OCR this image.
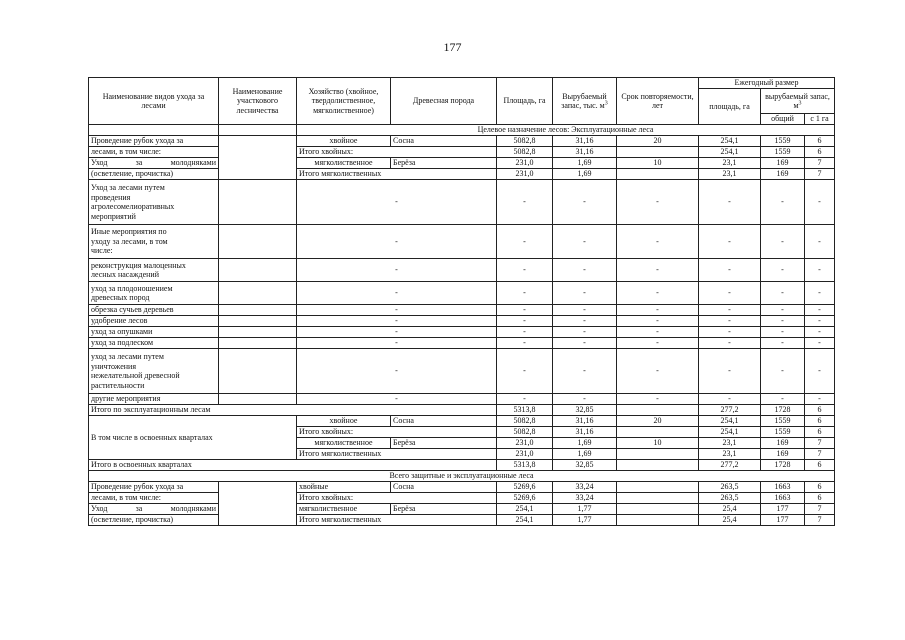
177
Наименование видов ухода за лесами	Наименование участкового лесничества	Хозяйство (хвойное, твердолиственное, мягколиственное)	Древесная порода	Площадь, га	Вырубаемый запас, тыс. $м^3$	Срок повторяемости, лет	Ежегодный размер		
							площадь, га	вырубаемый запас, $м^3$
								общий	с 1 га
		Целевое назначение лесов: Эксплуатационные леса							
Проведение рубок ухода за		хвойное	Сосна	5082,8	31,16	20	254,1	1559	6
лесами, в том числе:		Итого хвойных:		5082,8	31,16		254,1	1559	6
Уход за молодняками		мягколиственное	Берёза	231,0	1,69	10	23,1	169	7
(осветление, прочистка)		Итого мягколиственных		231,0	1,69		23,1	169	7

Уход за лесами путем
проведения
агролесомелиоративных
мероприятий		-		-	-	-	-	-	-

Иные мероприятия по
уходу за лесами, в том
числе:		-		-	-	-	-	-	-

реконструкция малоценных
лесных насаждений		-		-	-	-	-	-	-

уход за плодоношением
древесных пород		-		-	-	-	-	-	-
обрезка сучьев деревьев		-		-	-	-	-	-	-
удобрение лесов		-		-	-	-	-	-	-
уход за опушками		-		-	-	-	-	-	-
уход за подлеском		-		-	-	-	-	-	-

уход за лесами путем
уничтожения
нежелательной древесной
растительности		-		-	-	-	-	-	-
другие мероприятия		-		-	-	-	-	-	-
Итого по эксплуатационным лесам				5313,8	32,85		277,2	1728	6
В том числе в освоенных кварталах		хвойное	Сосна	5082,8	31,16	20	254,1	1559	6
		Итого хвойных:		5082,8	31,16		254,1	1559	6
		мягколиственное	Берёза	231,0	1,69	10	23,1	169	7
		Итого мягколиственных		231,0	1,69		23,1	169	7
Итого в освоенных кварталах				5313,8	32,85		277,2	1728	6
Всего защитные и эксплуатационные леса									
Проведение рубок ухода за		хвойные	Сосна	5269,6	33,24		263,5	1663	6
лесами, в том числе:		Итого хвойных:		5269,6	33,24		263,5	1663	6
Уход за молодняками		мягколиственное	Берёза	254,1	1,77		25,4	177	7
(осветление, прочистка)		Итого мягколиственных		254,1	1,77		25,4	177	7
